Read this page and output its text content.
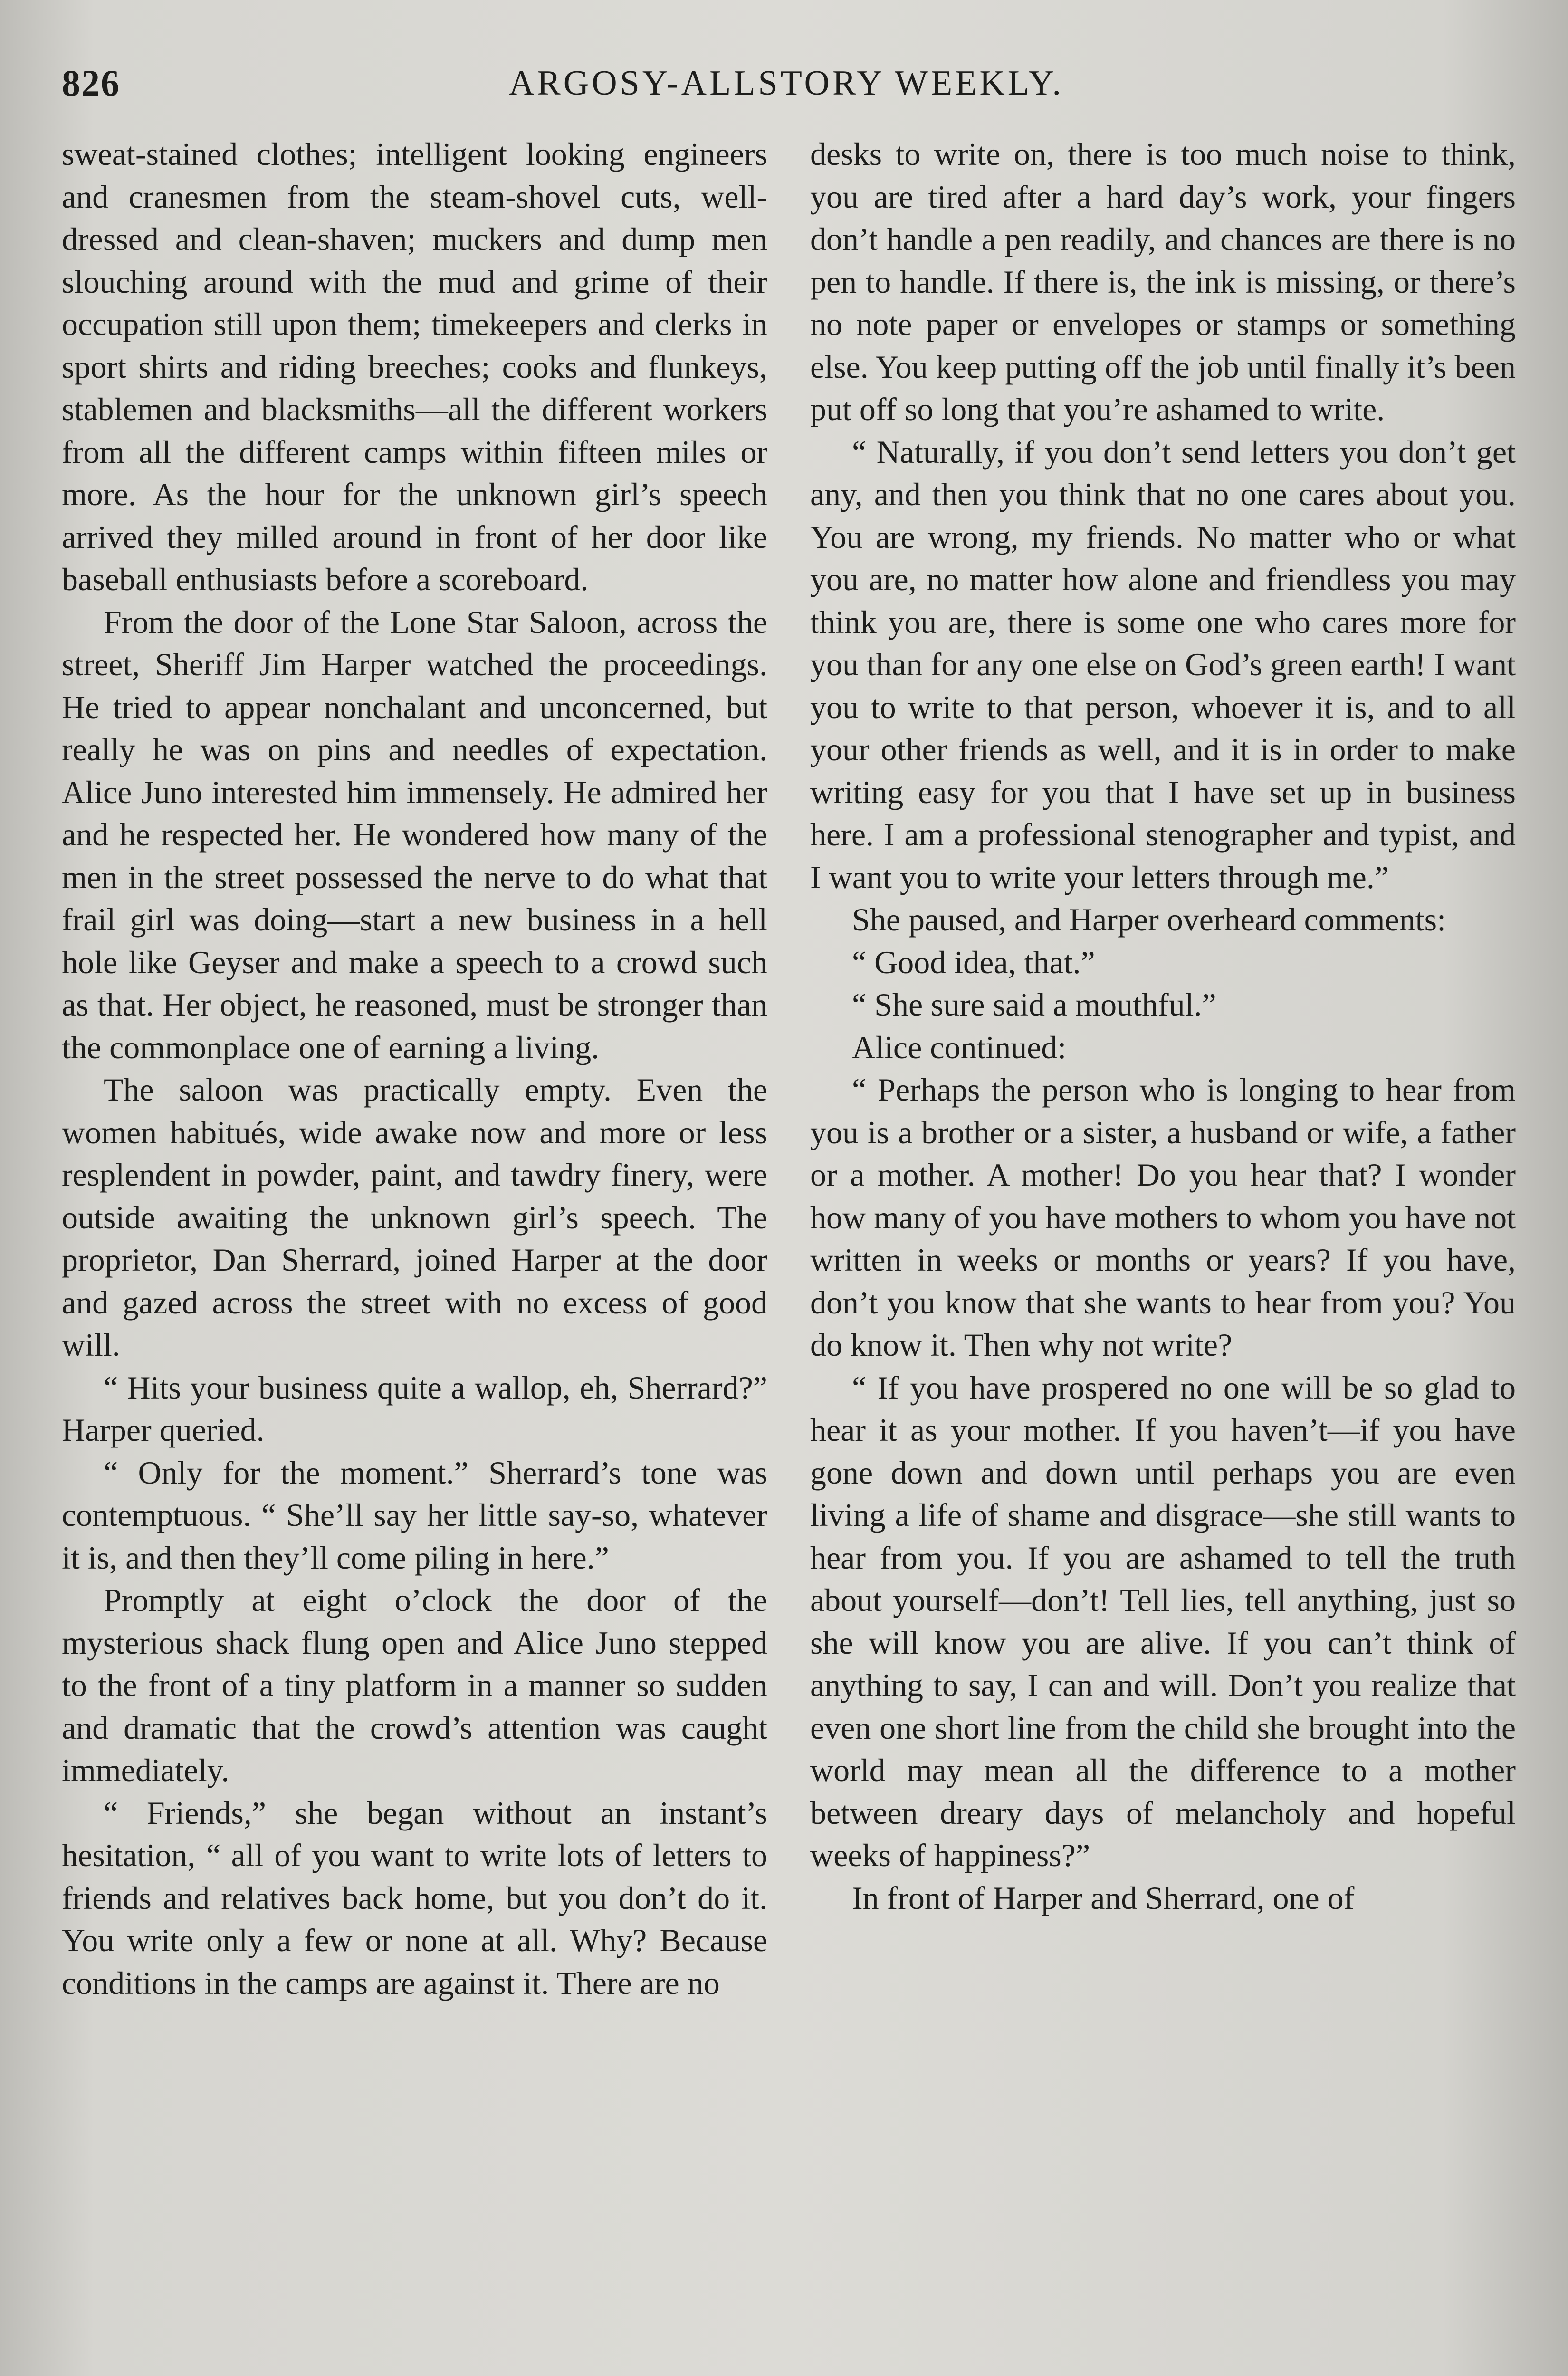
826	ARGOSY-ALLSTORY WEEKLY.

sweat-stained clothes; intelligent looking engineers and cranesmen from the steam-shovel cuts, well-dressed and clean-shaven; muckers and dump men slouching around with the mud and grime of their occupation still upon them; timekeepers and clerks in sport shirts and riding breeches; cooks and flunkeys, stablemen and blacksmiths—all the different workers from all the different camps within fifteen miles or more. As the hour for the unknown girl’s speech arrived they milled around in front of her door like baseball enthusiasts before a scoreboard.

From the door of the Lone Star Saloon, across the street, Sheriff Jim Harper watched the proceedings. He tried to appear nonchalant and unconcerned, but really he was on pins and needles of expectation. Alice Juno interested him immensely. He admired her and he respected her. He wondered how many of the men in the street possessed the nerve to do what that frail girl was doing—start a new business in a hell hole like Geyser and make a speech to a crowd such as that. Her object, he reasoned, must be stronger than the commonplace one of earning a living.

The saloon was practically empty. Even the women habitués, wide awake now and more or less resplendent in powder, paint, and tawdry finery, were outside awaiting the unknown girl’s speech. The proprietor, Dan Sherrard, joined Harper at the door and gazed across the street with no excess of good will.

“ Hits your business quite a wallop, eh, Sherrard?” Harper queried.

“ Only for the moment.” Sherrard’s tone was contemptuous. “ She’ll say her little say-so, whatever it is, and then they’ll come piling in here.”

Promptly at eight o’clock the door of the mysterious shack flung open and Alice Juno stepped to the front of a tiny platform in a manner so sudden and dramatic that the crowd’s attention was caught immediately.

“ Friends,” she began without an instant’s hesitation, “ all of you want to write lots of letters to friends and relatives back home, but you don’t do it. You write only a few or none at all. Why? Because conditions in the camps are against it. There are no

desks to write on, there is too much noise to think, you are tired after a hard day’s work, your fingers don’t handle a pen readily, and chances are there is no pen to handle. If there is, the ink is missing, or there’s no note paper or envelopes or stamps or something else. You keep putting off the job until finally it’s been put off so long that you’re ashamed to write.

“ Naturally, if you don’t send letters you don’t get any, and then you think that no one cares about you. You are wrong, my friends. No matter who or what you are, no matter how alone and friendless you may think you are, there is some one who cares more for you than for any one else on God’s green earth! I want you to write to that person, whoever it is, and to all your other friends as well, and it is in order to make writing easy for you that I have set up in business here. I am a professional stenographer and typist, and I want you to write your letters through me.”

She paused, and Harper overheard comments:

“ Good idea, that.”

“ She sure said a mouthful.”

Alice continued:

“ Perhaps the person who is longing to hear from you is a brother or a sister, a husband or wife, a father or a mother. A mother! Do you hear that? I wonder how many of you have mothers to whom you have not written in weeks or months or years? If you have, don’t you know that she wants to hear from you? You do know it. Then why not write?

“ If you have prospered no one will be so glad to hear it as your mother. If you haven’t—if you have gone down and down until perhaps you are even living a life of shame and disgrace—she still wants to hear from you. If you are ashamed to tell the truth about yourself—don’t! Tell lies, tell anything, just so she will know you are alive. If you can’t think of anything to say, I can and will. Don’t you realize that even one short line from the child she brought into the world may mean all the difference to a mother between dreary days of melancholy and hopeful weeks of happiness?”

In front of Harper and Sherrard, one of
